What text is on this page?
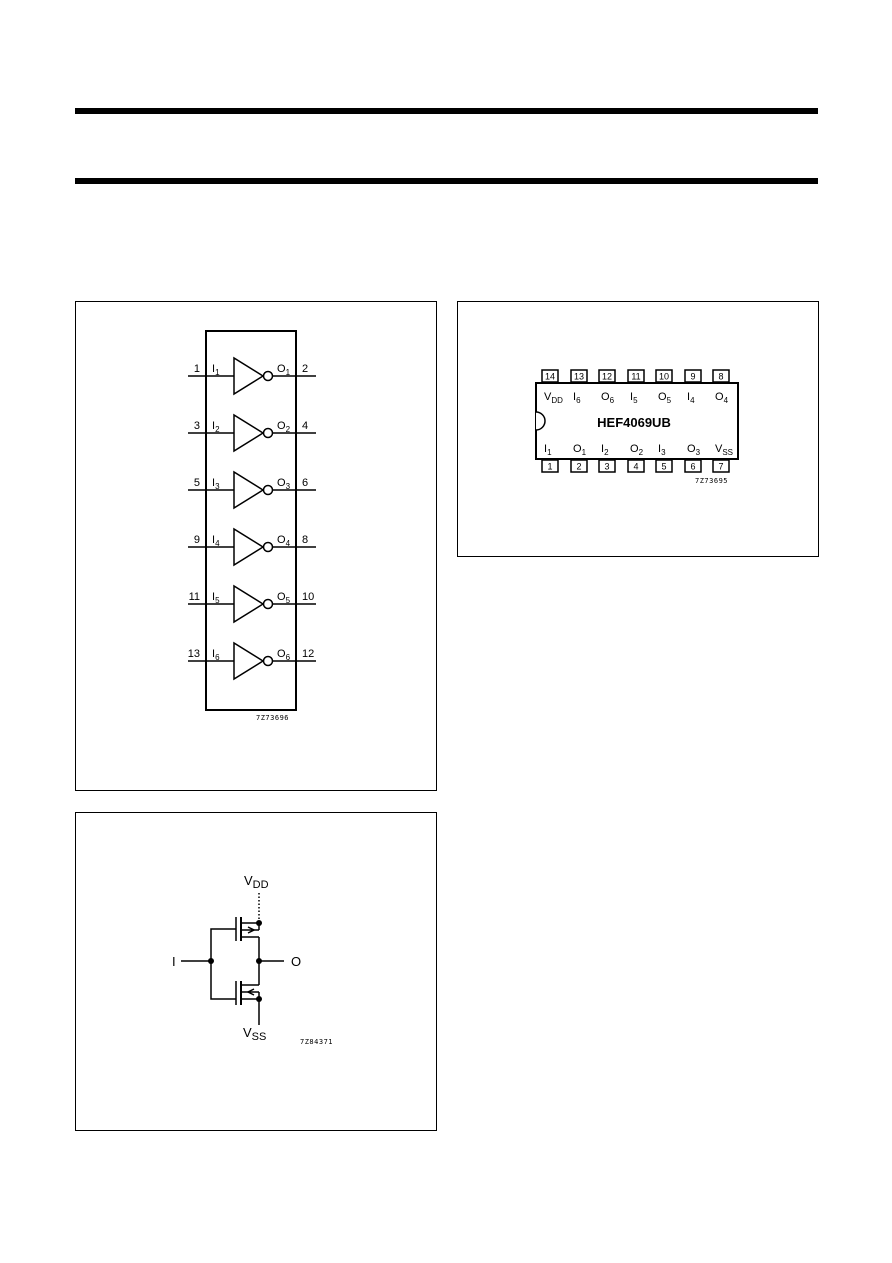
1 $I_1$	$O_1$ 2
3 $I_2$	$O_2$ 4
5 $I_3$	$O_3$ 6
9 $I_4$	$O_4$ 8
11 $I_5$	$O_5$ 10
13 $I_6$	$O_6$ 12
7Z73696
HEF4069UB
14
$V_{DD}$
13
$I_6$
12
$O_6$
11
$I_5$
10
$O_5$
9
$I_4$
8
$O_4$
1
$I_1$
2
$O_1$
3
$I_2$
4
$O_2$
5
$I_3$
6
$O_3$
7
$V_{SS}$
7Z73695
$V_{DD}$
I	O
$V_{SS}$	7Z84371
